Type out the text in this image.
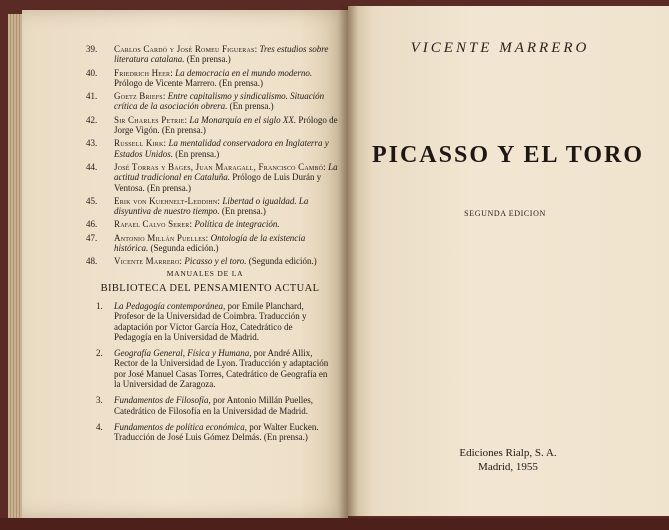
39.	Carlos Cardó y José Romeu Figueras: Tres estudios sobre literatura catalana. (En prensa.)
40.	Friedrich Heer: La democracia en el mundo moderno. Prólogo de Vicente Marrero. (En prensa.)
41.	Goetz Briefs: Entre capitalismo y sindicalismo. Situación crítica de la asociación obrera. (En prensa.)
42.	Sir Charles Petrie: La Monarquía en el siglo XX. Prólogo de Jorge Vigón. (En prensa.)
43.	Russell Kirk: La mentalidad conservadora en Inglaterra y Estados Unidos. (En prensa.)
44.	José Torras y Bages, Juan Maragall, Francisco Cambó: La actitud tradicional en Cataluña. Prólogo de Luis Durán y Ventosa. (En prensa.)
45.	Erik von Kuehnelt-Leddihn: Libertad o igualdad. La disyuntiva de nuestro tiempo. (En prensa.)
46.	Rafael Calvo Serer: Política de integración.
47.	Antonio Millán Puelles: Ontología de la existencia histórica. (Segunda edición.)
48.	Vicente Marrero: Picasso y el toro. (Segunda edición.)
MANUALES DE LA
BIBLIOTECA DEL PENSAMIENTO ACTUAL
1. La Pedagogía contemporánea, por Emile Planchard, Profesor de la Universidad de Coimbra. Traducción y adaptación por Víctor García Hoz, Catedrático de Pedagogía en la Universidad de Madrid.
2. Geografía General, Física y Humana, por André Allix, Rector de la Universidad de Lyon. Traducción y adaptación por José Manuel Casas Torres, Catedrático de Geografía en la Universidad de Zaragoza.
3. Fundamentos de Filosofía, por Antonio Millán Puelles, Catedrático de Filosofía en la Universidad de Madrid.
4. Fundamentos de política económica, por Walter Eucken. Traducción de José Luis Gómez Delmás. (En prensa.)
VICENTE MARRERO
PICASSO Y EL TORO
SEGUNDA EDICION
Ediciones Rialp, S. A.
Madrid, 1955
